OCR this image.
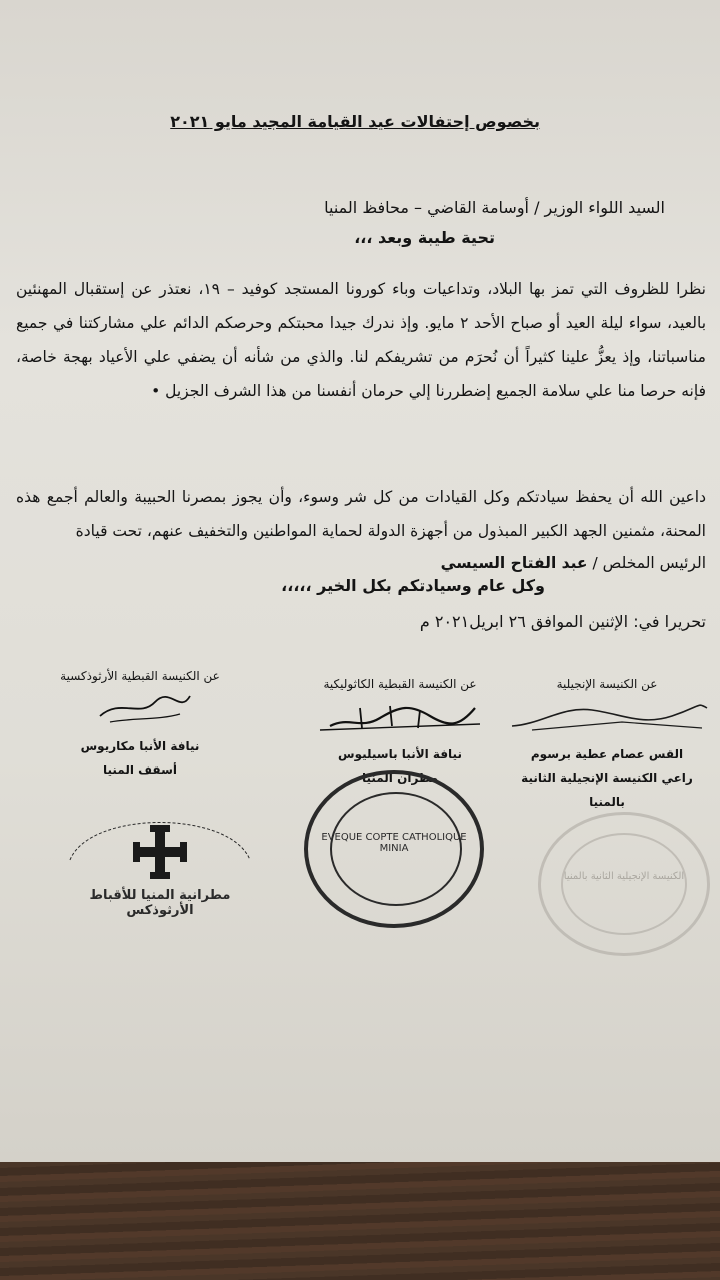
بخصوص إحتفالات عيد القيامة المجيد مايو ٢٠٢١
السيد اللواء الوزير / أوسامة القاضي – محافظ المنيا
تحية طيبة وبعد ،،،
نظرا للظروف التي تمز بها البلاد، وتداعيات وباء كورونا المستجد كوفيد – ١٩، نعتذر عن إستقبال المهنئين بالعيد، سواء ليلة العيد أو صباح الأحد ٢ مايو. وإذ ندرك جيدا محبتكم وحرصكم الدائم علي مشاركتنا في جميع مناسباتنا، وإذ يعزُّ علينا كثيراً أن نُحرَم من تشريفكم لنا. والذي من شأنه أن يضفي علي الأعياد بهجة خاصة، فإنه حرصا منا علي سلامة الجميع إضطررنا إلي حرمان أنفسنا من هذا الشرف الجزيل •
داعين الله أن يحفظ سيادتكم وكل القيادات من كل شر وسوء، وأن يجوز بمصرنا الحبيبة والعالم أجمع هذه المحنة، مثمنين الجهد الكبير المبذول من أجهزة الدولة لحماية المواطنين والتخفيف عنهم، تحت قيادة
الرئيس المخلص / عبد الفتاح السيسي
وكل عام وسيادتكم بكل الخير ،،،،،
تحريرا في: الإثنين الموافق ٢٦ ابريل٢٠٢١ م
عن الكنيسة الإنجيلية
القس عصام عطية برسوم
راعي الكنيسة الإنجيلية الثانية بالمنيا
عن الكنيسة القبطية الكاثوليكية
نيافة الأنبا باسيليوس
مطران المنيا
عن الكنيسة القبطية الأرثوذكسية
نيافة الأنبا مكاريوس
أسقف المنيا
مطرانية المنيا للأقباط الأرثوذكس
EVEQUE COPTE CATHOLIQUE MINIA
الكنيسة الإنجيلية الثانية بالمنيا
